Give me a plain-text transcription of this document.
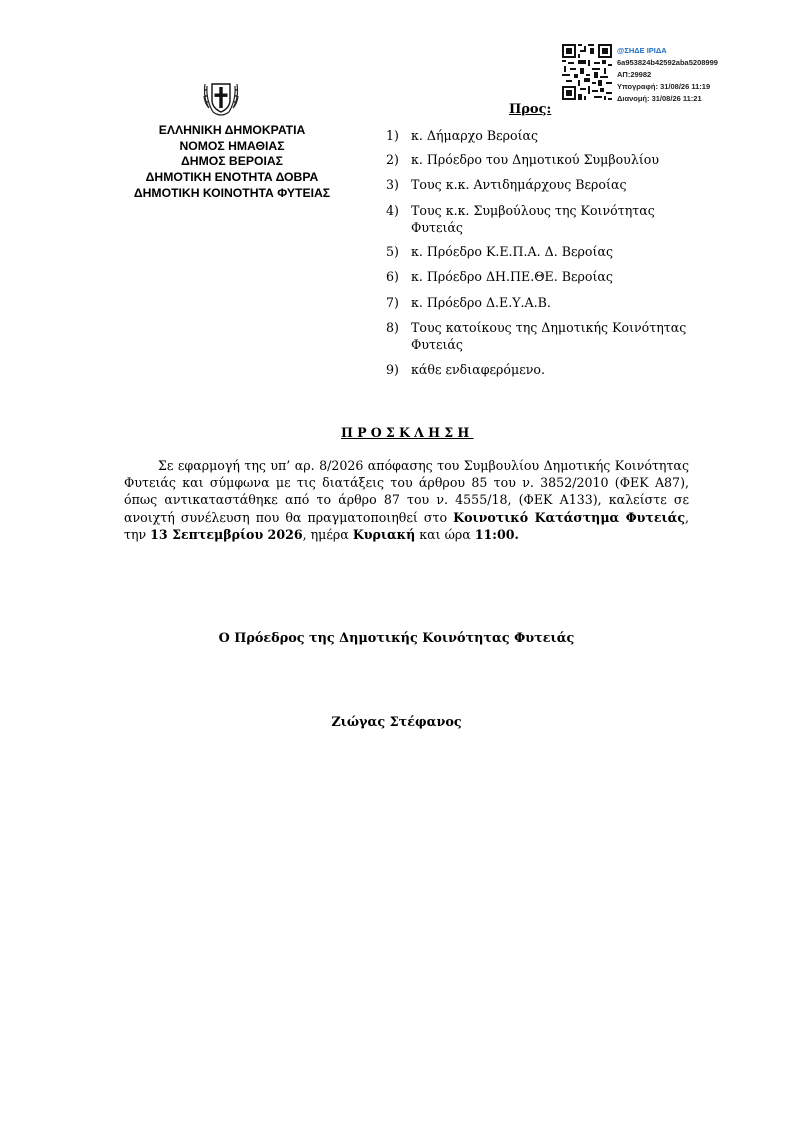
@ΣΗΔΕ ΙΡΙΔΑ
6a953824b42592aba5208999
ΑΠ:29982
Υπογραφή: 31/08/26 11:19
Διανομή: 31/08/26 11:21
ΕΛΛΗΝΙΚΗ ΔΗΜΟΚΡΑΤΙΑ
ΝΟΜΟΣ ΗΜΑΘΙΑΣ
ΔΗΜΟΣ ΒΕΡΟΙΑΣ
ΔΗΜΟΤΙΚΗ ΕΝΟΤΗΤΑ ΔΟΒΡΑ
ΔΗΜΟΤΙΚΗ ΚΟΙΝΟΤΗΤΑ ΦΥΤΕΙΑΣ
Προς:
1) κ. Δήμαρχο Βεροίας
2) κ. Πρόεδρο του Δημοτικού Συμβουλίου
3) Τους κ.κ. Αντιδημάρχους Βεροίας
4) Τους κ.κ. Συμβούλους της Κοινότητας Φυτειάς
5) κ. Πρόεδρο Κ.Ε.Π.Α. Δ. Βεροίας
6) κ. Πρόεδρο ΔΗ.ΠΕ.ΘΕ. Βεροίας
7) κ. Πρόεδρο Δ.Ε.Υ.Α.Β.
8) Τους κατοίκους της Δημοτικής Κοινότητας Φυτειάς
9) κάθε ενδιαφερόμενο.
ΠΡΟΣΚΛΗΣΗ

Σε εφαρμογή της υπ’ αρ. 8/2026 απόφασης του Συμβουλίου Δημοτικής Κοινότητας Φυτειάς και σύμφωνα με τις διατάξεις του άρθρου 85 του ν. 3852/2010 (ΦΕΚ Α87), όπως αντικαταστάθηκε από το άρθρο 87 του ν. 4555/18, (ΦΕΚ Α133), καλείστε σε ανοιχτή συνέλευση που θα πραγματοποιηθεί στο Κοινοτικό Κατάστημα Φυτειάς, την 13 Σεπτεμβρίου 2026, ημέρα Κυριακή και ώρα 11:00.

Ο Πρόεδρος της Δημοτικής Κοινότητας Φυτειάς
Ζιώγας Στέφανος
